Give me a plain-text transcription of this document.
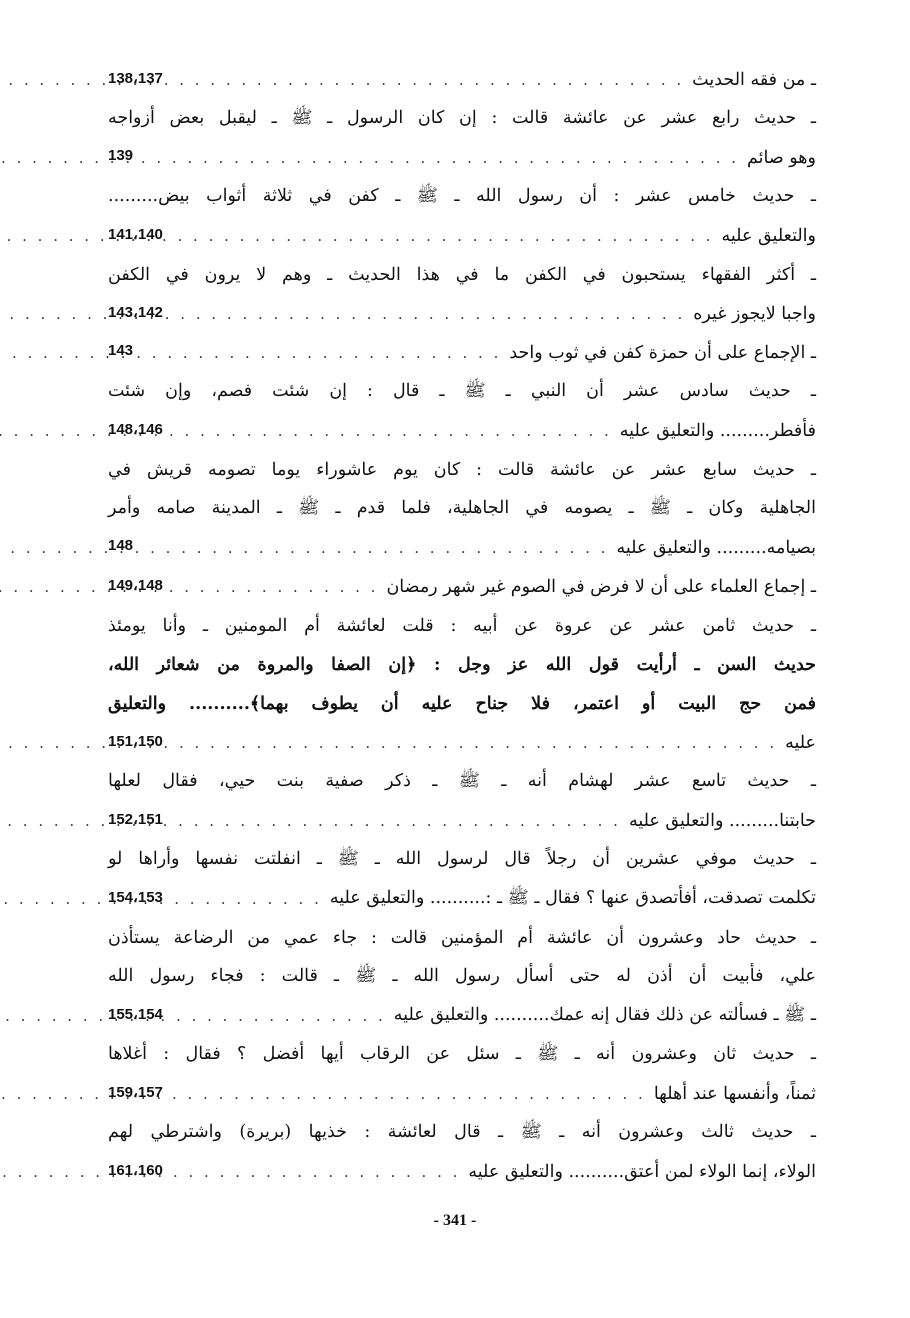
ـ من فقه الحديث
. . .
138،137
ـ حديث رابع عشر عن عائشة قالت : إن كان الرسول ـ ﷺ ـ ليقبل بعض أزواجه
وهو صائم
. . .
139
ـ حديث خامس عشر : أن رسول الله ـ ﷺ ـ كفن في ثلاثة أثواب بيض.........
والتعليق عليه
. . .
141،140
ـ أكثر الفقهاء يستحبون في الكفن ما في هذا الحديث ـ وهم لا يرون في الكفن
واجبا لايجوز غيره
. . .
143،142
ـ الإجماع على أن حمزة كفن في ثوب واحد
. . .
143
ـ حديث سادس عشر أن النبي ـ ﷺ ـ قال : إن شئت فصم، وإن شئت
فأفطر......... والتعليق عليه
. . .
148،146
ـ حديث سابع عشر عن عائشة قالت : كان يوم عاشوراء يوما تصومه قريش في
الجاهلية وكان ـ ﷺ ـ يصومه في الجاهلية، فلما قدم ـ ﷺ ـ المدينة صامه وأمر
بصيامه......... والتعليق عليه
. . .
148
ـ إجماع العلماء على أن لا فرض في الصوم غير شهر رمضان
. . .
149،148
ـ حديث ثامن عشر عن عروة عن أبيه : قلت لعائشة أم المومنين ـ وأنا يومئذ
حديث السن ـ أرأيت قول الله عز وجل : ﴿إن الصفا والمروة من شعائر الله،
فمن حج البيت أو اعتمر، فلا جناح عليه أن يطوف بهما﴾.......... والتعليق
عليه
. . .
151،150
ـ حديث تاسع عشر لهشام أنه ـ ﷺ ـ ذكر صفية بنت حيي، فقال لعلها
حابتنا......... والتعليق عليه
. . .
152،151
ـ حديث موفي عشرين أن رجلاً قال لرسول الله ـ ﷺ ـ انفلتت نفسها وأراها لو
تكلمت تصدقت، أفأتصدق عنها ؟ فقال ـ ﷺ ـ :.......... والتعليق عليه
. . .
154،153
ـ حديث حاد وعشرون أن عائشة أم المؤمنين قالت : جاء عمي من الرضاعة يستأذن
علي، فأبيت أن أذن له حتى أسأل رسول الله ـ ﷺ ـ قالت : فجاء رسول الله
ـ ﷺ ـ فسألته عن ذلك فقال إنه عمك.......... والتعليق عليه
. . .
155،154
ـ حديث ثان وعشرون أنه ـ ﷺ ـ سئل عن الرقاب أيها أفضل ؟ فقال : أغلاها
ثمناً، وأنفسها عند أهلها
. . .
159،157
ـ حديث ثالث وعشرون أنه ـ ﷺ ـ قال لعائشة : خذيها (بريرة) واشترطي لهم
الولاء، إنما الولاء لمن أعتق.......... والتعليق عليه
. . .
161،160
- 341 -
